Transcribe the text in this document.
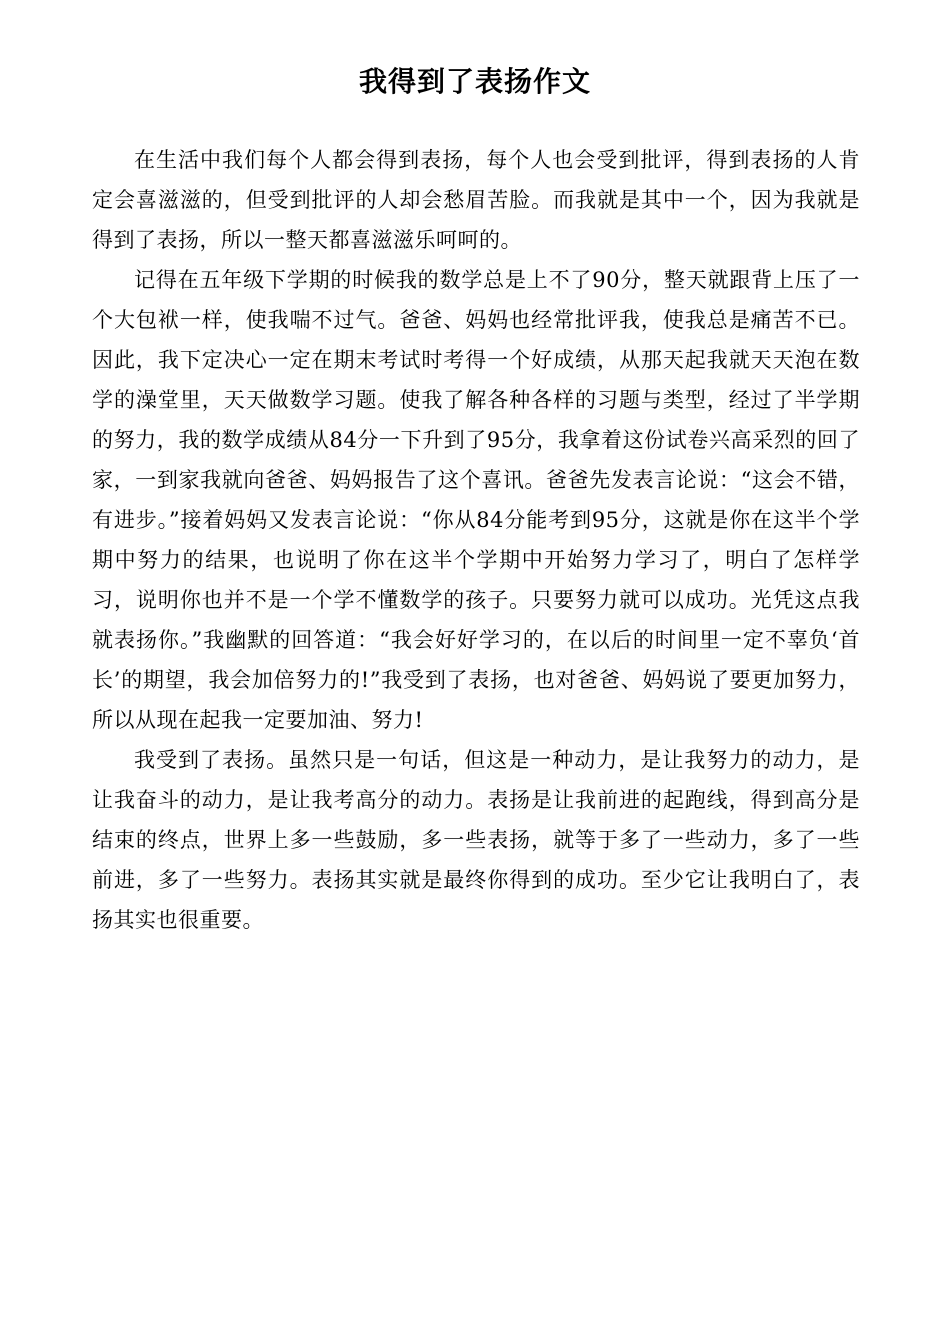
我得到了表扬作文

在生活中我们每个人都会得到表扬，每个人也会受到批评，得到表扬的人肯定会喜滋滋的，但受到批评的人却会愁眉苦脸。而我就是其中一个，因为我就是得到了表扬，所以一整天都喜滋滋乐呵呵的。

记得在五年级下学期的时候我的数学总是上不了90分，整天就跟背上压了一个大包袱一样，使我喘不过气。爸爸、妈妈也经常批评我，使我总是痛苦不已。因此，我下定决心一定在期末考试时考得一个好成绩，从那天起我就天天泡在数学的澡堂里，天天做数学习题。使我了解各种各样的习题与类型，经过了半学期的努力，我的数学成绩从84分一下升到了95分，我拿着这份试卷兴高采烈的回了家，一到家我就向爸爸、妈妈报告了这个喜讯。爸爸先发表言论说：“这会不错，有进步。”接着妈妈又发表言论说：“你从84分能考到95分，这就是你在这半个学期中努力的结果，也说明了你在这半个学期中开始努力学习了，明白了怎样学习，说明你也并不是一个学不懂数学的孩子。只要努力就可以成功。光凭这点我就表扬你。”我幽默的回答道：“我会好好学习的，在以后的时间里一定不辜负‘首长’的期望，我会加倍努力的!”我受到了表扬，也对爸爸、妈妈说了要更加努力，所以从现在起我一定要加油、努力!

我受到了表扬。虽然只是一句话，但这是一种动力，是让我努力的动力，是让我奋斗的动力，是让我考高分的动力。表扬是让我前进的起跑线，得到高分是结束的终点，世界上多一些鼓励，多一些表扬，就等于多了一些动力，多了一些前进，多了一些努力。表扬其实就是最终你得到的成功。至少它让我明白了，表扬其实也很重要。
